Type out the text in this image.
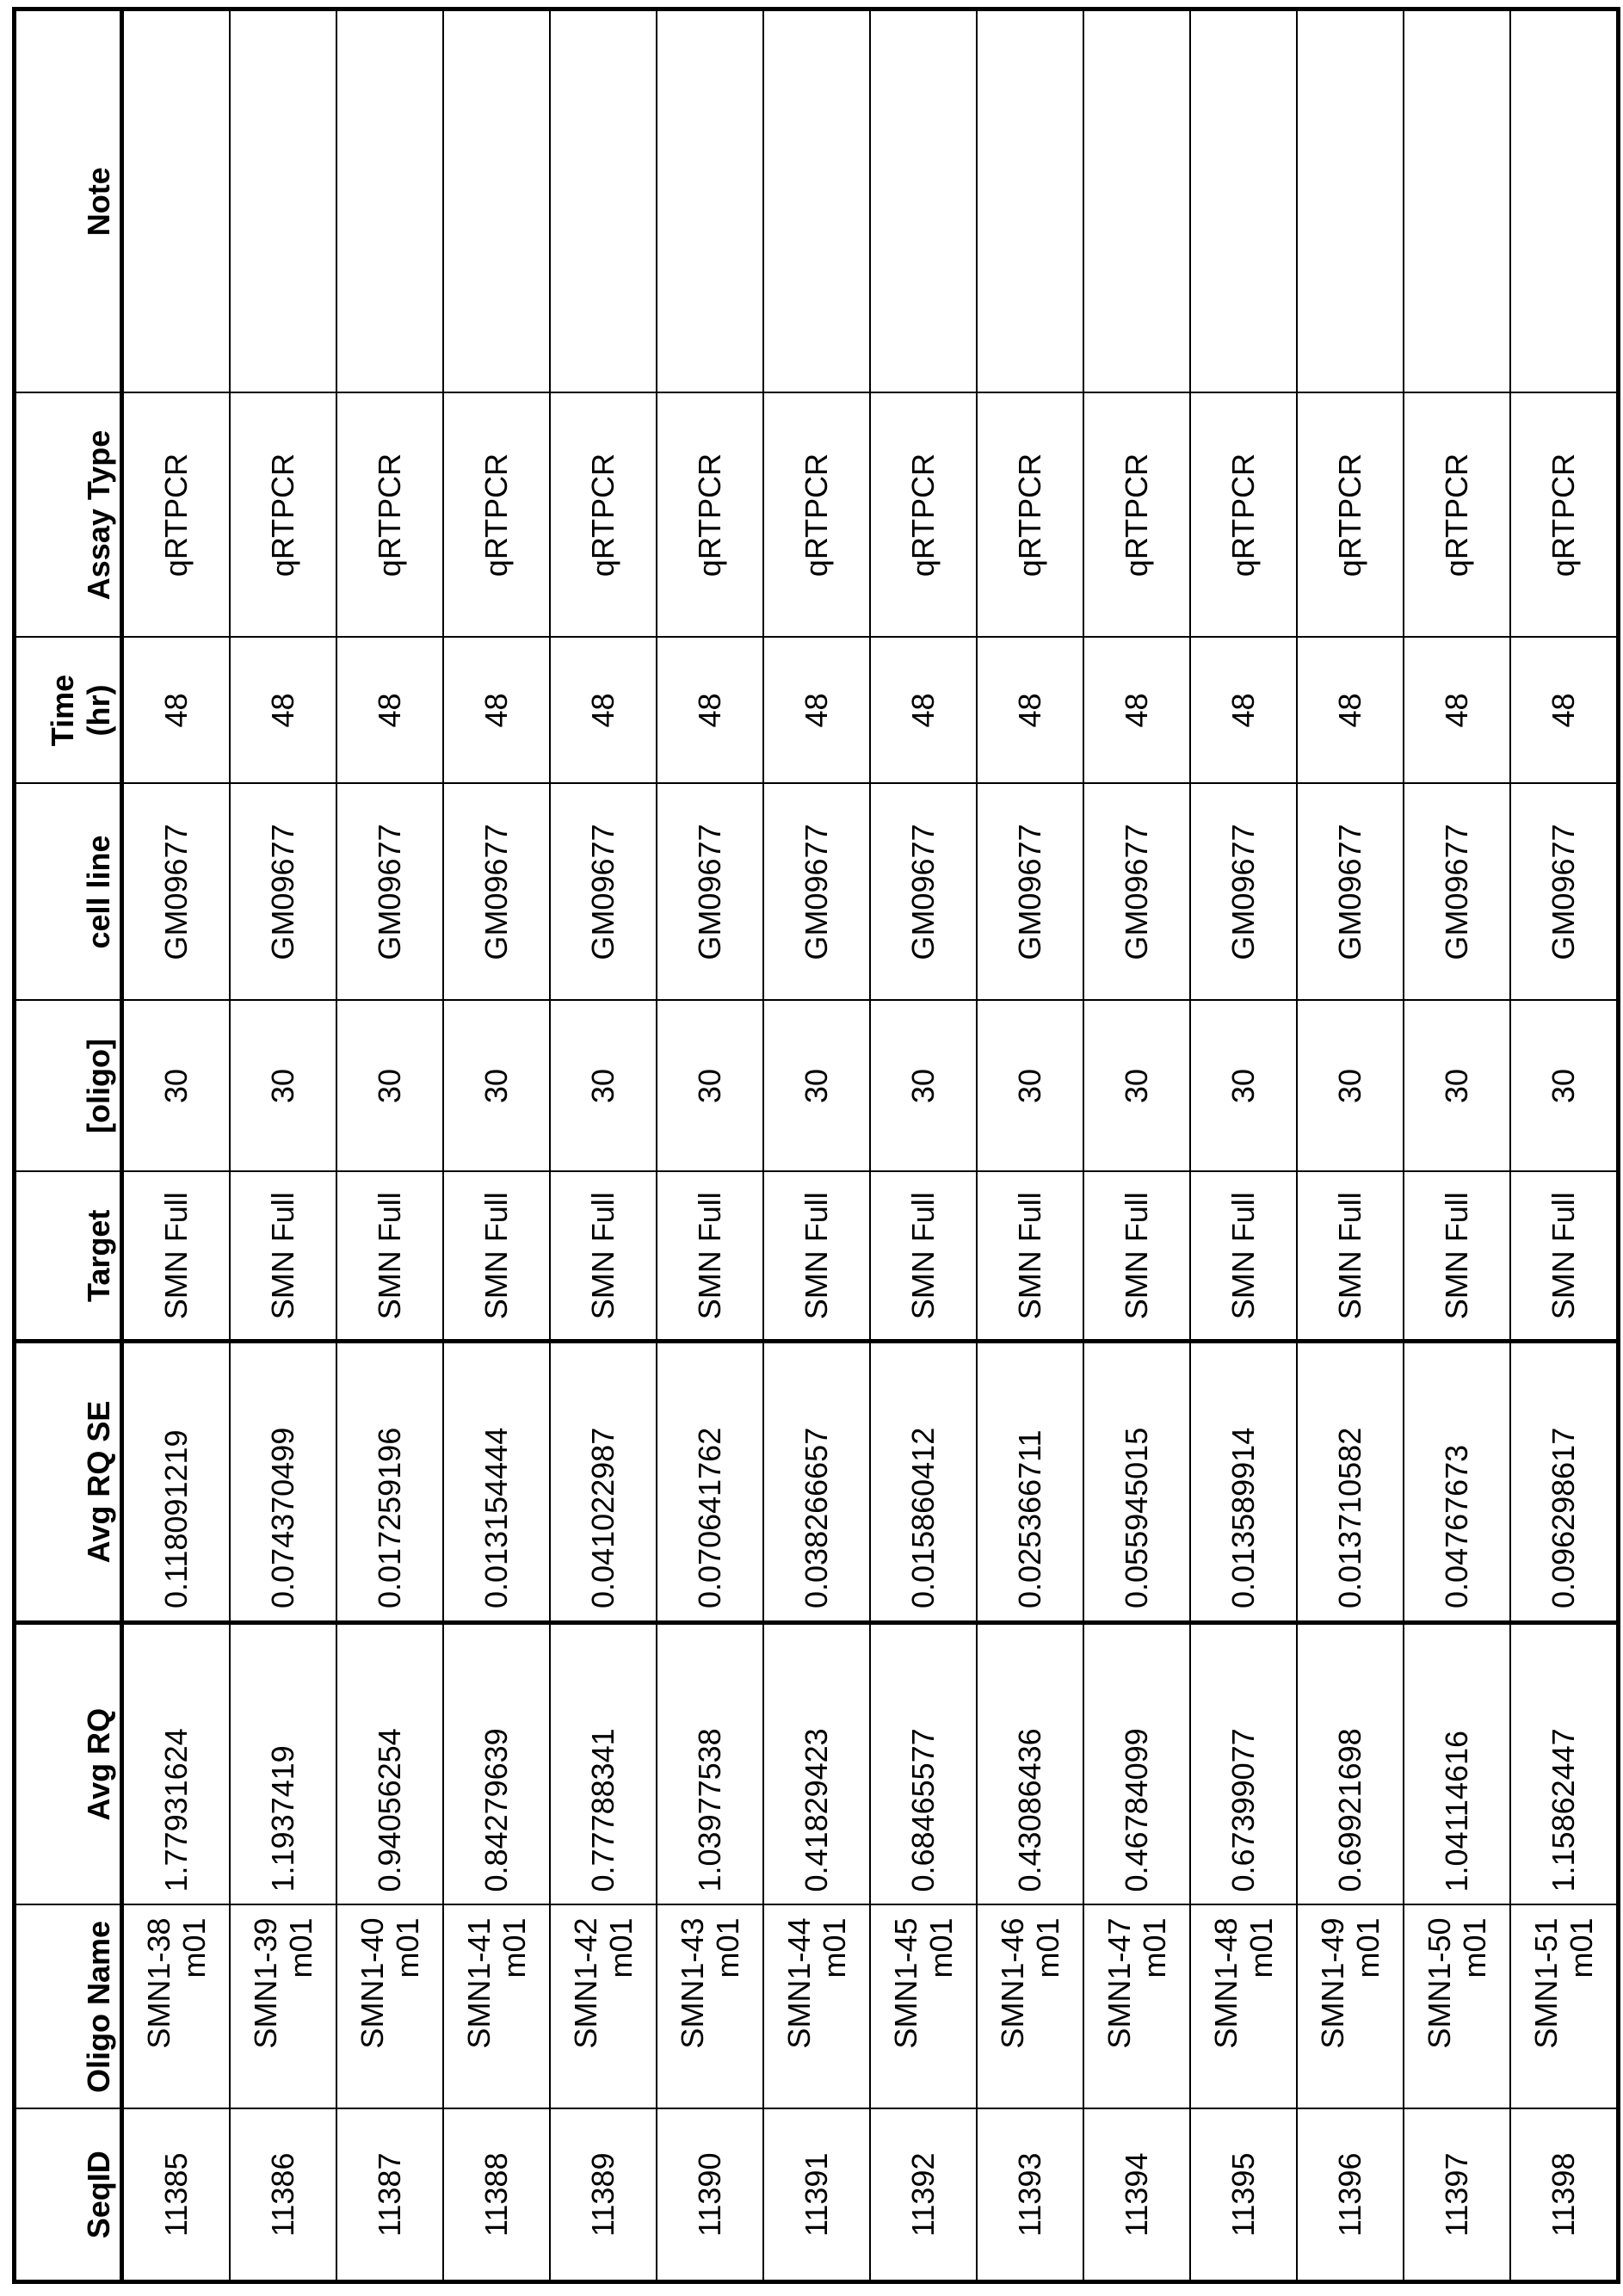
SeqID	Oligo Name	Avg RQ	Avg RQ SE	Target	[oligo]	cell line	Time (hr)	Assay Type	Note
11385	SMN1-38 m01	1.77931624	0.118091219	SMN Full	30	GM09677	48	qRTPCR	
11386	SMN1-39 m01	1.1937419	0.074370499	SMN Full	30	GM09677	48	qRTPCR	
11387	SMN1-40 m01	0.94056254	0.017259196	SMN Full	30	GM09677	48	qRTPCR	
11388	SMN1-41 m01	0.84279639	0.013154444	SMN Full	30	GM09677	48	qRTPCR	
11389	SMN1-42 m01	0.77788341	0.041022987	SMN Full	30	GM09677	48	qRTPCR	
11390	SMN1-43 m01	1.03977538	0.070641762	SMN Full	30	GM09677	48	qRTPCR	
11391	SMN1-44 m01	0.41829423	0.038266657	SMN Full	30	GM09677	48	qRTPCR	
11392	SMN1-45 m01	0.68465577	0.015860412	SMN Full	30	GM09677	48	qRTPCR	
11393	SMN1-46 m01	0.43086436	0.025366711	SMN Full	30	GM09677	48	qRTPCR	
11394	SMN1-47 m01	0.46784099	0.055945015	SMN Full	30	GM09677	48	qRTPCR	
11395	SMN1-48 m01	0.67399077	0.013589914	SMN Full	30	GM09677	48	qRTPCR	
11396	SMN1-49 m01	0.69921698	0.013710582	SMN Full	30	GM09677	48	qRTPCR	
11397	SMN1-50 m01	1.04114616	0.04767673	SMN Full	30	GM09677	48	qRTPCR	
11398	SMN1-51 m01	1.15862447	0.096298617	SMN Full	30	GM09677	48	qRTPCR	
